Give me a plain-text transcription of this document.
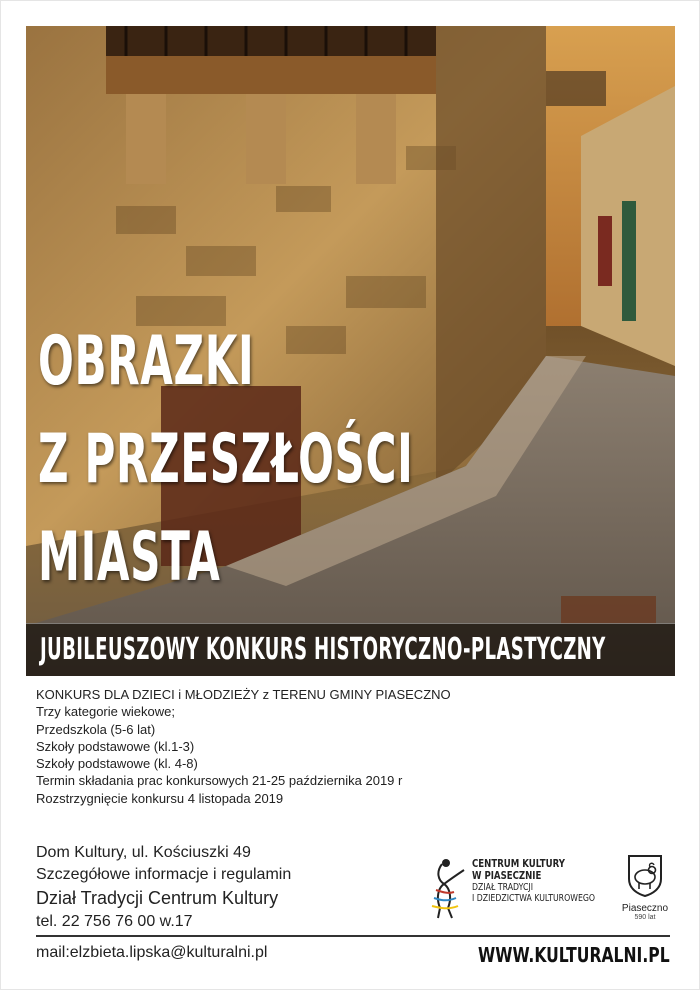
OBRAZKI
Z PRZESZŁOŚCI
MIASTA
JUBILEUSZOWY KONKURS HISTORYCZNO-PLASTYCZNY
KONKURS DLA DZIECI i MŁODZIEŻY z TERENU GMINY PIASECZNO
Trzy kategorie wiekowe;
Przedszkola (5-6 lat)
Szkoły podstawowe (kl.1-3)
Szkoły podstawowe (kl. 4-8)
Termin składania prac konkursowych 21-25 października 2019 r
Rozstrzygnięcie konkursu 4 listopada 2019
Dom Kultury, ul. Kościuszki 49
Szczegółowe informacje i regulamin
Dział Tradycji Centrum Kultury
tel. 22 756 76 00 w.17
CENTRUM KULTURY
W PIASECZNIE
DZIAŁ TRADYCJI
I DZIEDZICTWA KULTUROWEGO
Piaseczno
590 lat
mail:elzbieta.lipska@kulturalni.pl	WWW.KULTURALNI.PL
